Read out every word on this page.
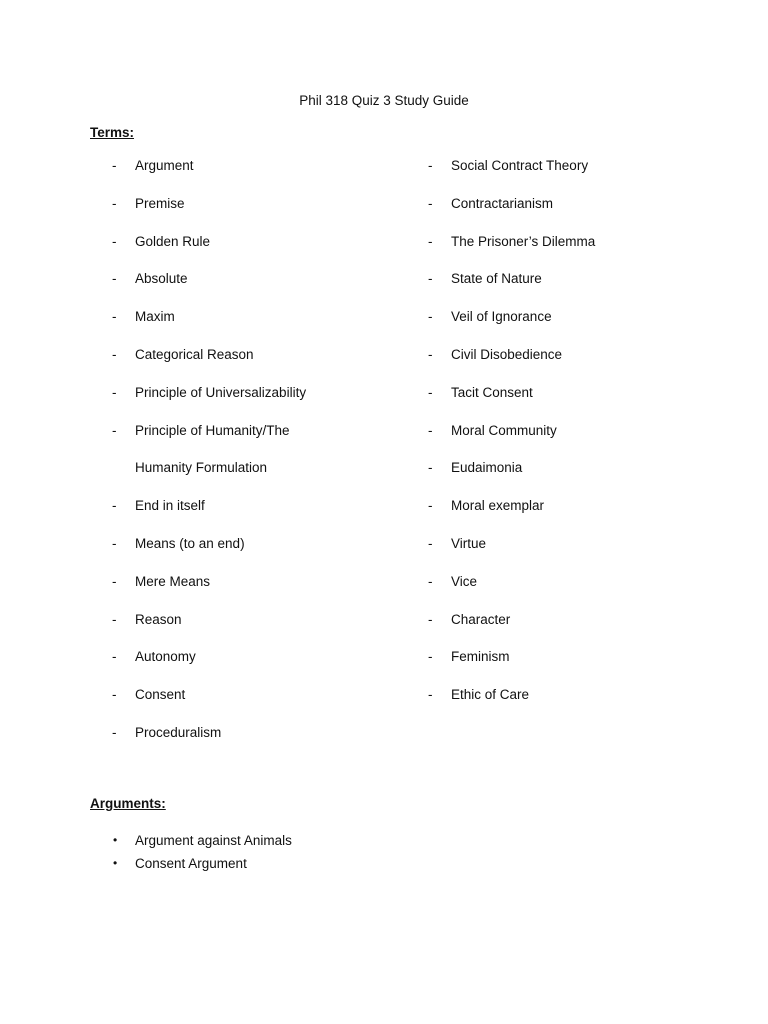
Phil 318 Quiz 3 Study Guide
Terms:
- Argument
- Premise
- Golden Rule
- Absolute
- Maxim
- Categorical Reason
- Principle of Universalizability
- Principle of Humanity/The
Humanity Formulation
- End in itself
- Means (to an end)
- Mere Means
- Reason
- Autonomy
- Consent
- Proceduralism
- Social Contract Theory
- Contractarianism
- The Prisoner’s Dilemma
- State of Nature
- Veil of Ignorance
- Civil Disobedience
- Tacit Consent
- Moral Community
- Eudaimonia
- Moral exemplar
- Virtue
- Vice
- Character
- Feminism
- Ethic of Care
Arguments:
• Argument against Animals
• Consent Argument
